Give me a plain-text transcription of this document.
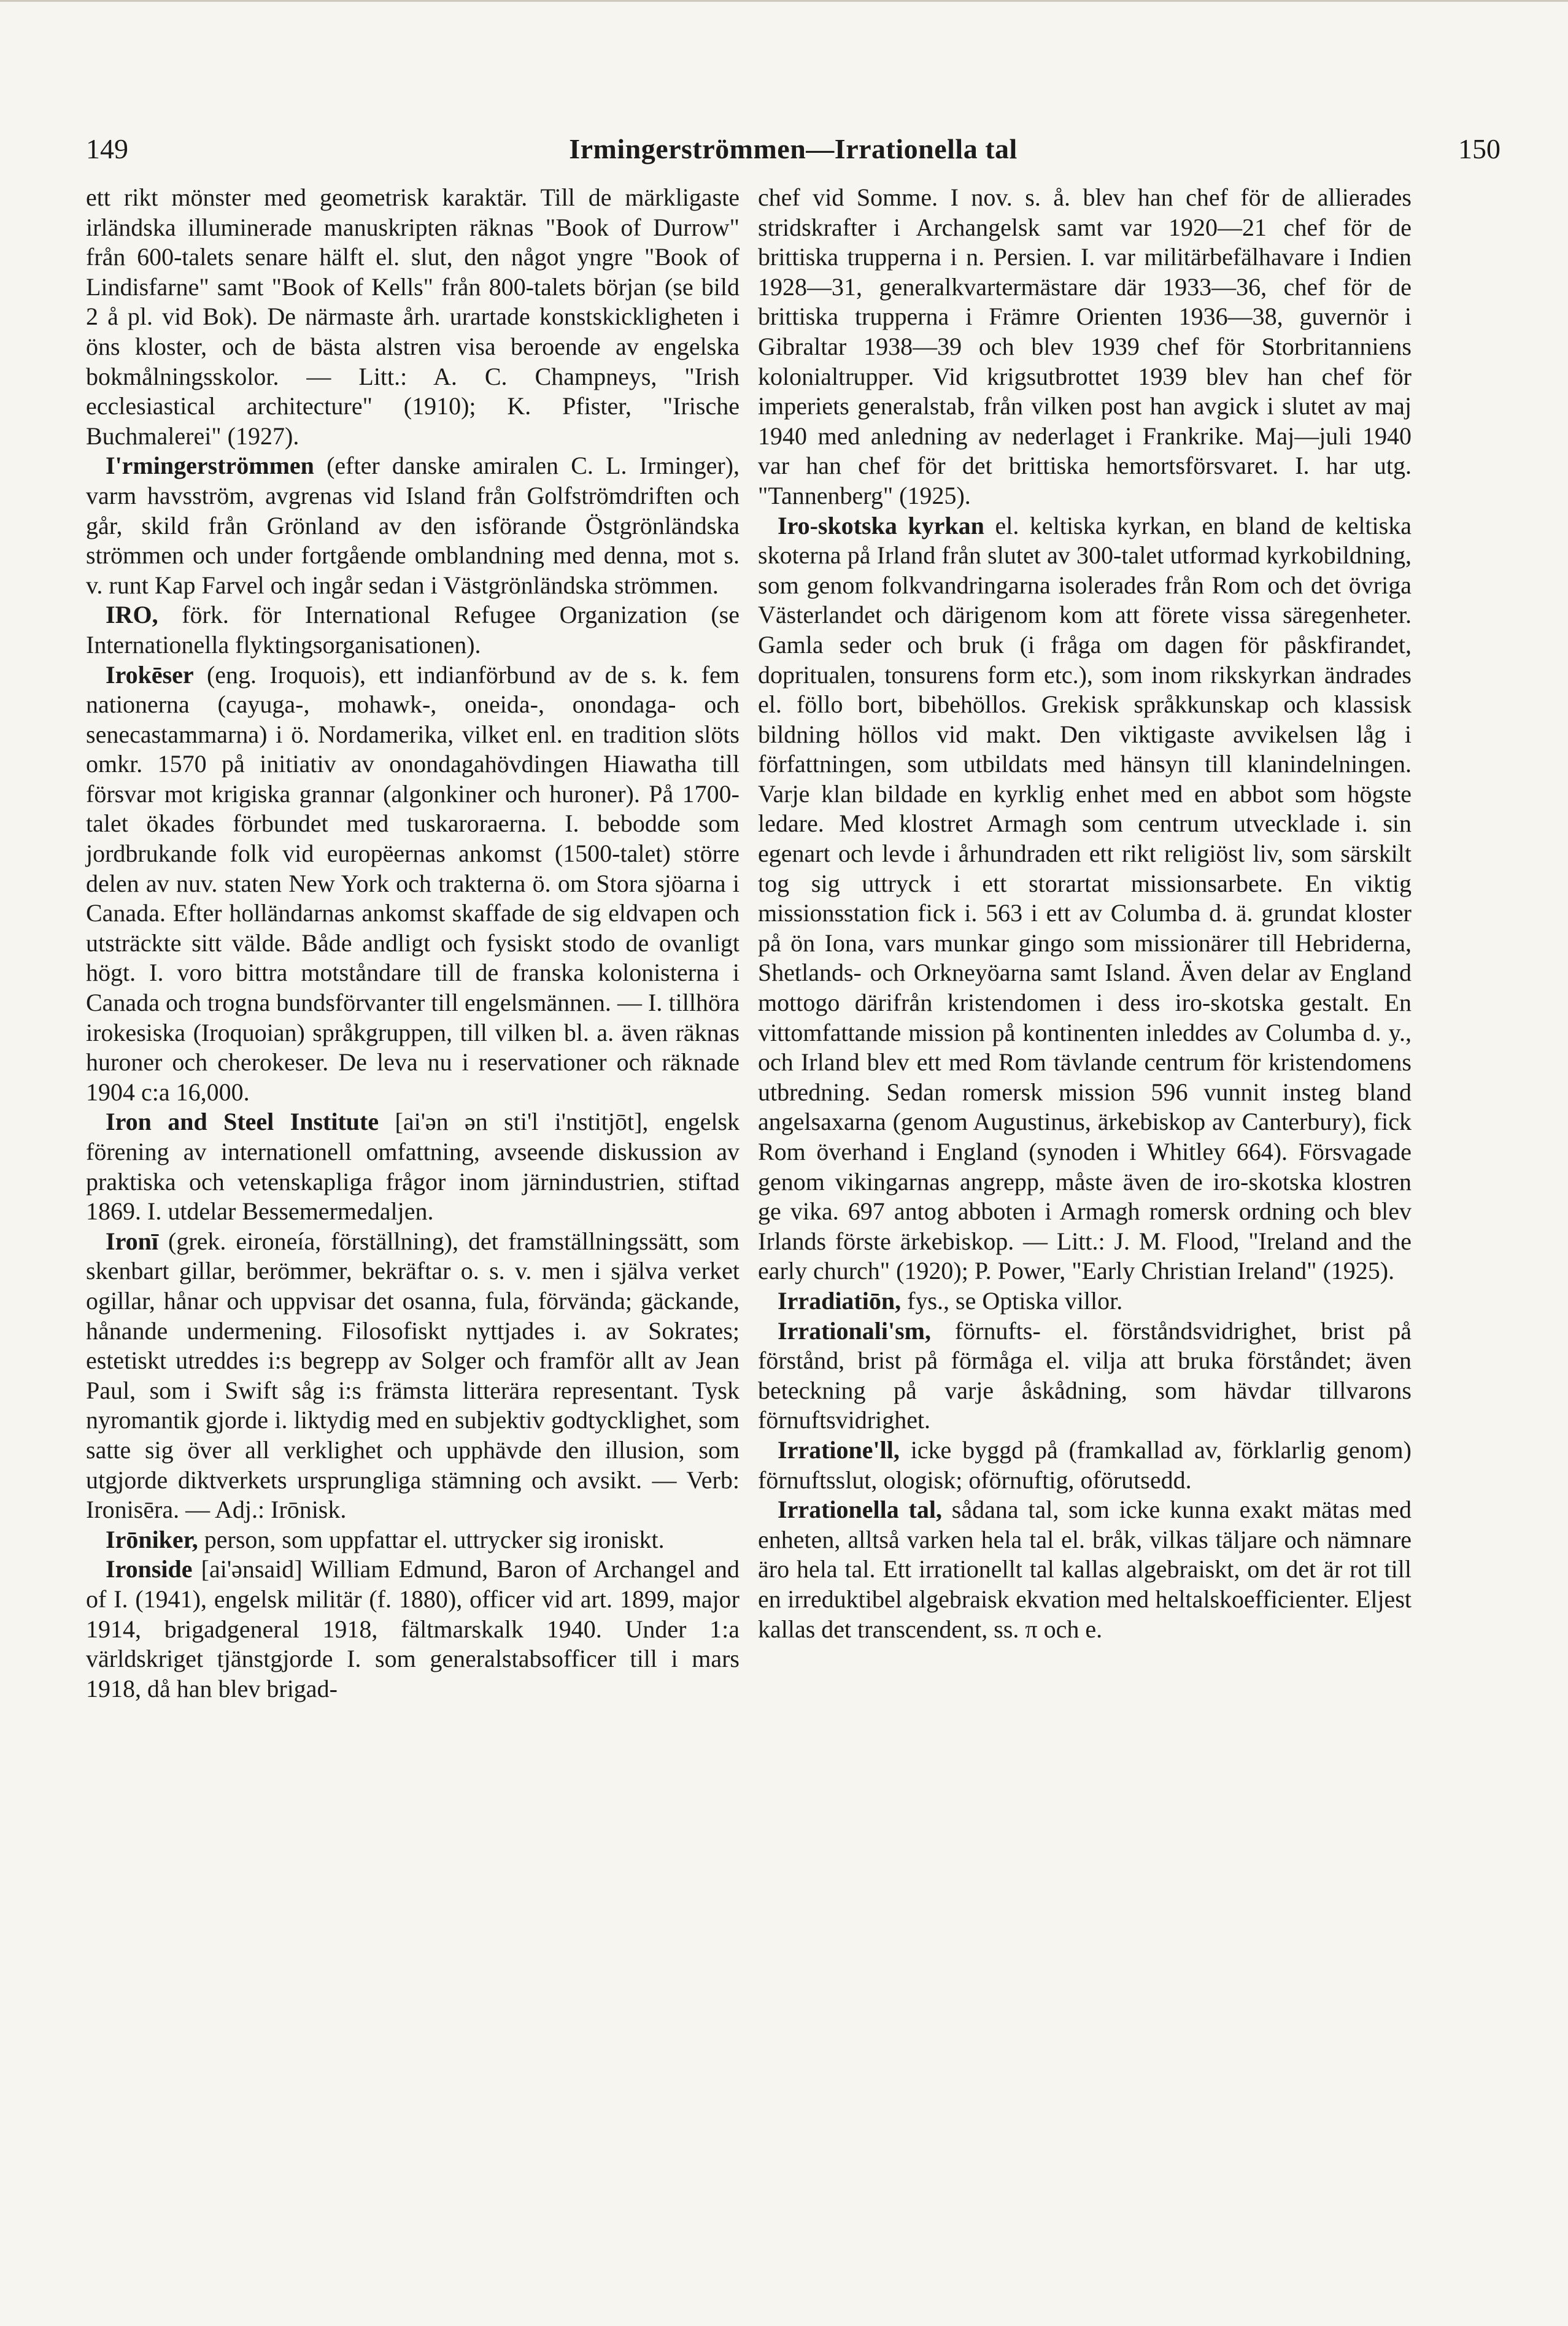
149	Irmingerströmmen—Irrationella tal	150

ett rikt mönster med geometrisk karaktär. Till de märkligaste irländska illuminerade manuskripten räknas "Book of Durrow" från 600-talets senare hälft el. slut, den något yngre "Book of Lindisfarne" samt "Book of Kells" från 800-talets början (se bild 2 å pl. vid Bok). De närmaste årh. urartade konstskickligheten i öns kloster, och de bästa alstren visa beroende av engelska bokmålningsskolor. — Litt.: A. C. Champneys, "Irish ecclesiastical architecture" (1910); K. Pfister, "Irische Buchmalerei" (1927).

I'rmingerströmmen (efter danske amiralen C. L. Irminger), varm havsström, avgrenas vid Island från Golfströmdriften och går, skild från Grönland av den isförande Östgrönländska strömmen och under fortgående omblandning med denna, mot s. v. runt Kap Farvel och ingår sedan i Västgrönländska strömmen.

IRO, förk. för International Refugee Organization (se Internationella flyktingsorganisationen).

Irokēser (eng. Iroquois), ett indianförbund av de s. k. fem nationerna (cayuga-, mohawk-, oneida-, onondaga- och senecastammarna) i ö. Nordamerika, vilket enl. en tradition slöts omkr. 1570 på initiativ av onondagahövdingen Hiawatha till försvar mot krigiska grannar (algonkiner och huroner). På 1700-talet ökades förbundet med tuskaroraerna. I. bebodde som jordbrukande folk vid europëernas ankomst (1500-talet) större delen av nuv. staten New York och trakterna ö. om Stora sjöarna i Canada. Efter holländarnas ankomst skaffade de sig eldvapen och utsträckte sitt välde. Både andligt och fysiskt stodo de ovanligt högt. I. voro bittra motståndare till de franska kolonisterna i Canada och trogna bundsförvanter till engelsmännen. — I. tillhöra irokesiska (Iroquoian) språkgruppen, till vilken bl. a. även räknas huroner och cherokeser. De leva nu i reservationer och räknade 1904 c:a 16,000.

Iron and Steel Institute [ai'ən ən sti'l i'nstitjōt], engelsk förening av internationell omfattning, avseende diskussion av praktiska och vetenskapliga frågor inom järnindustrien, stiftad 1869. I. utdelar Bessemermedaljen.

Ironī (grek. eironeía, förställning), det framställningssätt, som skenbart gillar, berömmer, bekräftar o. s. v. men i själva verket ogillar, hånar och uppvisar det osanna, fula, förvända; gäckande, hånande undermening. Filosofiskt nyttjades i. av Sokrates; estetiskt utreddes i:s begrepp av Solger och framför allt av Jean Paul, som i Swift såg i:s främsta litterära representant. Tysk nyromantik gjorde i. liktydig med en subjektiv godtycklighet, som satte sig över all verklighet och upphävde den illusion, som utgjorde diktverkets ursprungliga stämning och avsikt. — Verb: Ironisēra. — Adj.: Irōnisk.

Irōniker, person, som uppfattar el. uttrycker sig ironiskt.

Ironside [ai'ənsaid] William Edmund, Baron of Archangel and of I. (1941), engelsk militär (f. 1880), officer vid art. 1899, major 1914, brigadgeneral 1918, fältmarskalk 1940. Under 1:a världskriget tjänstgjorde I. som generalstabsofficer till i mars 1918, då han blev brigad-

chef vid Somme. I nov. s. å. blev han chef för de allierades stridskrafter i Archangelsk samt var 1920—21 chef för de brittiska trupperna i n. Persien. I. var militärbefälhavare i Indien 1928—31, generalkvartermästare där 1933—36, chef för de brittiska trupperna i Främre Orienten 1936—38, guvernör i Gibraltar 1938—39 och blev 1939 chef för Storbritanniens kolonialtrupper. Vid krigsutbrottet 1939 blev han chef för imperiets generalstab, från vilken post han avgick i slutet av maj 1940 med anledning av nederlaget i Frankrike. Maj—juli 1940 var han chef för det brittiska hemortsförsvaret. I. har utg. "Tannenberg" (1925).

Iro-skotska kyrkan el. keltiska kyrkan, en bland de keltiska skoterna på Irland från slutet av 300-talet utformad kyrkobildning, som genom folkvandringarna isolerades från Rom och det övriga Västerlandet och därigenom kom att förete vissa säregenheter. Gamla seder och bruk (i fråga om dagen för påskfirandet, dopritualen, tonsurens form etc.), som inom rikskyrkan ändrades el. föllo bort, bibehöllos. Grekisk språkkunskap och klassisk bildning höllos vid makt. Den viktigaste avvikelsen låg i författningen, som utbildats med hänsyn till klanindelningen. Varje klan bildade en kyrklig enhet med en abbot som högste ledare. Med klostret Armagh som centrum utvecklade i. sin egenart och levde i århundraden ett rikt religiöst liv, som särskilt tog sig uttryck i ett storartat missionsarbete. En viktig missionsstation fick i. 563 i ett av Columba d. ä. grundat kloster på ön Iona, vars munkar gingo som missionärer till Hebriderna, Shetlands- och Orkneyöarna samt Island. Även delar av England mottogo därifrån kristendomen i dess iro-skotska gestalt. En vittomfattande mission på kontinenten inleddes av Columba d. y., och Irland blev ett med Rom tävlande centrum för kristendomens utbredning. Sedan romersk mission 596 vunnit insteg bland angelsaxarna (genom Augustinus, ärkebiskop av Canterbury), fick Rom överhand i England (synoden i Whitley 664). Försvagade genom vikingarnas angrepp, måste även de iro-skotska klostren ge vika. 697 antog abboten i Armagh romersk ordning och blev Irlands förste ärkebiskop. — Litt.: J. M. Flood, "Ireland and the early church" (1920); P. Power, "Early Christian Ireland" (1925).

Irradiatiōn, fys., se Optiska villor.

Irrationali'sm, förnufts- el. förståndsvidrighet, brist på förstånd, brist på förmåga el. vilja att bruka förståndet; även beteckning på varje åskådning, som hävdar tillvarons förnuftsvidrighet.

Irratione'll, icke byggd på (framkallad av, förklarlig genom) förnuftsslut, ologisk; oförnuftig, oförutsedd.

Irrationella tal, sådana tal, som icke kunna exakt mätas med enheten, alltså varken hela tal el. bråk, vilkas täljare och nämnare äro hela tal. Ett irrationellt tal kallas algebraiskt, om det är rot till en irreduktibel algebraisk ekvation med heltalskoefficienter. Eljest kallas det transcendent, ss. π och e.
